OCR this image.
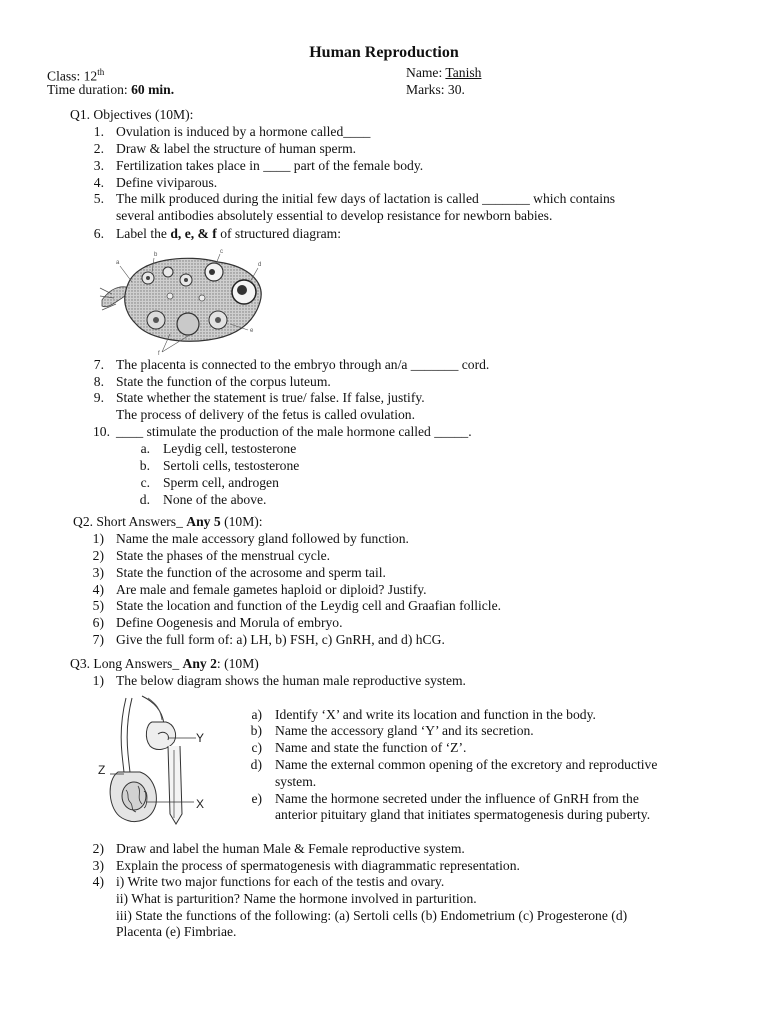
Human Reproduction
Class: 12th
Time duration: 60 min.
Name: Tanish
Marks: 30.
Q1. Objectives (10M):
1. Ovulation is induced by a hormone called____
2. Draw & label the structure of human sperm.
3. Fertilization takes place in ____ part of the female body.
4. Define viviparous.
5. The milk produced during the initial few days of lactation is called _______ which contains
several antibodies absolutely essential to develop resistance for newborn babies.
6. Label the d, e, & f of structured diagram:
a
b	c
d
e
f
7. The placenta is connected to the embryo through an/a _______ cord.
8. State the function of the corpus luteum.
9. State whether the statement is true/ false. If false, justify.
The process of delivery of the fetus is called ovulation.
10. ____ stimulate the production of the male hormone called _____.
a. Leydig cell, testosterone
b. Sertoli cells, testosterone
c. Sperm cell, androgen
d. None of the above.
Q2. Short Answers_ Any 5 (10M):
1) Name the male accessory gland followed by function.
2) State the phases of the menstrual cycle.
3) State the function of the acrosome and sperm tail.
4) Are male and female gametes haploid or diploid? Justify.
5) State the location and function of the Leydig cell and Graafian follicle.
6) Define Oogenesis and Morula of embryo.
7) Give the full form of: a) LH, b) FSH, c) GnRH, and d) hCG.
Q3. Long Answers_ Any 2: (10M)
1) The below diagram shows the human male reproductive system.
Y
Z
X
a) Identify ‘X’ and write its location and function in the body.
b) Name the accessory gland ‘Y’ and its secretion.
c) Name and state the function of ‘Z’.
d) Name the external common opening of the excretory and reproductive
system.
e) Name the hormone secreted under the influence of GnRH from the
anterior pituitary gland that initiates spermatogenesis during puberty.
2) Draw and label the human Male & Female reproductive system.
3) Explain the process of spermatogenesis with diagrammatic representation.
4) i) Write two major functions for each of the testis and ovary.
ii) What is parturition? Name the hormone involved in parturition.
iii) State the functions of the following: (a) Sertoli cells (b) Endometrium (c) Progesterone (d)
Placenta (e) Fimbriae.
